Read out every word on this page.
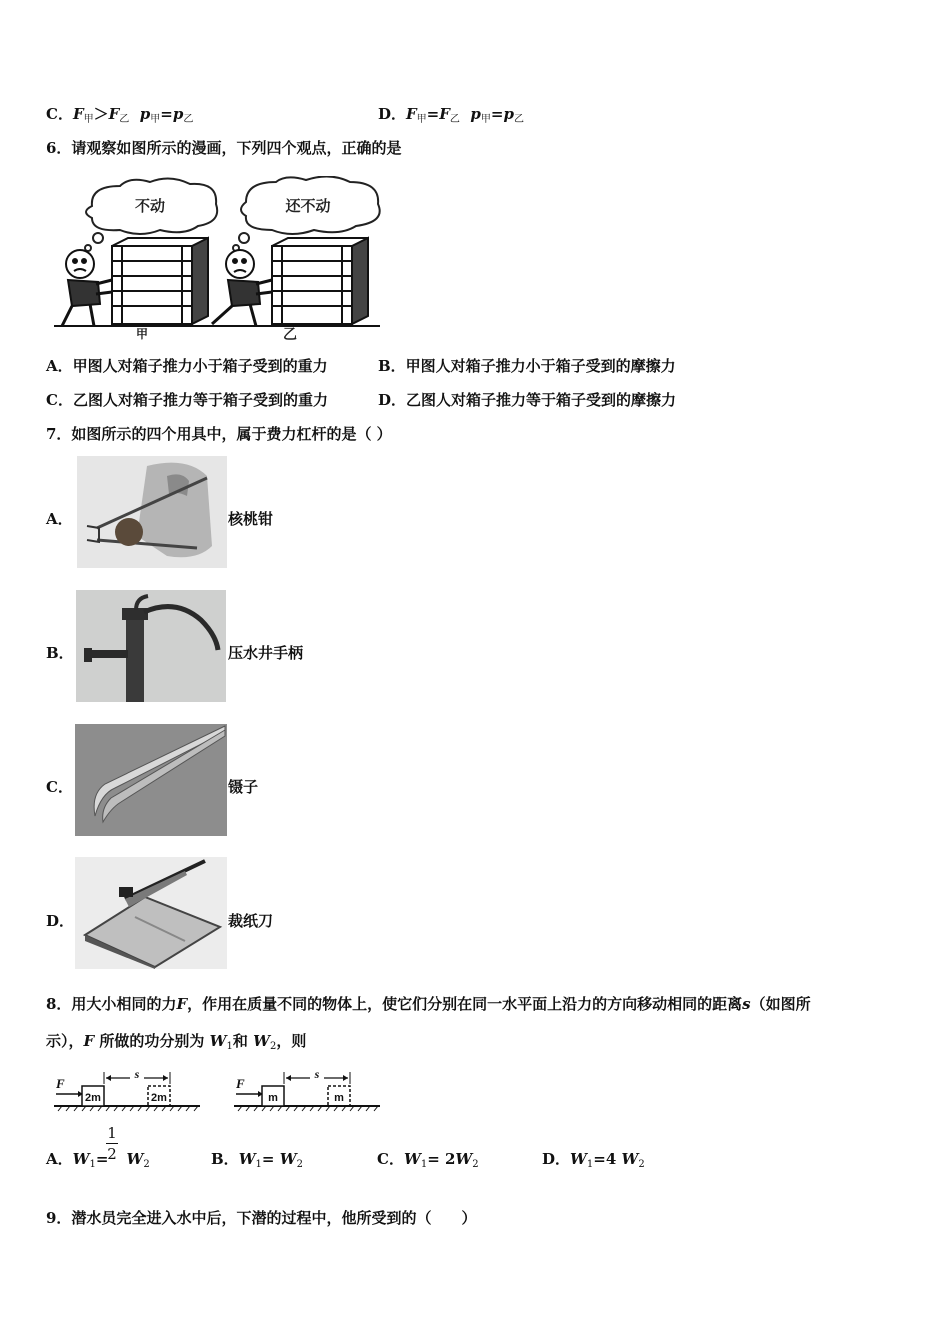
C．$F_甲>F_乙$ $p_甲=p_乙$	D．$F_甲=F_乙$ $p_甲=p_乙$
6．请观察如图所示的漫画，下列四个观点，正确的是
不动	还不动
甲	乙
A．甲图人对箱子推力小于箱子受到的重力	B．甲图人对箱子推力小于箱子受到的摩擦力
C．乙图人对箱子推力等于箱子受到的重力	D．乙图人对箱子推力等于箱子受到的摩擦力
7．如图所示的四个用具中，属于费力杠杆的是（ ）
A．	核桃钳
B．	压水井手柄
C．	镊子
D．	裁纸刀
8．用大小相同的力F，作用在质量不同的物体上，使它们分别在同一水平面上沿力的方向移动相同的距离s（如图所
示），F 所做的功分别为 $W_1$和 $W_2$，则
F
2m	2m
s
F
m	m
s
A．$W_1= W_2$
1
2	B．$W_1= W_2$	C．$W_1= 2W_2$	D．$W_1=4$ $W_2$
9．潜水员完全进入水中后，下潜的过程中，他所受到的（　　）
